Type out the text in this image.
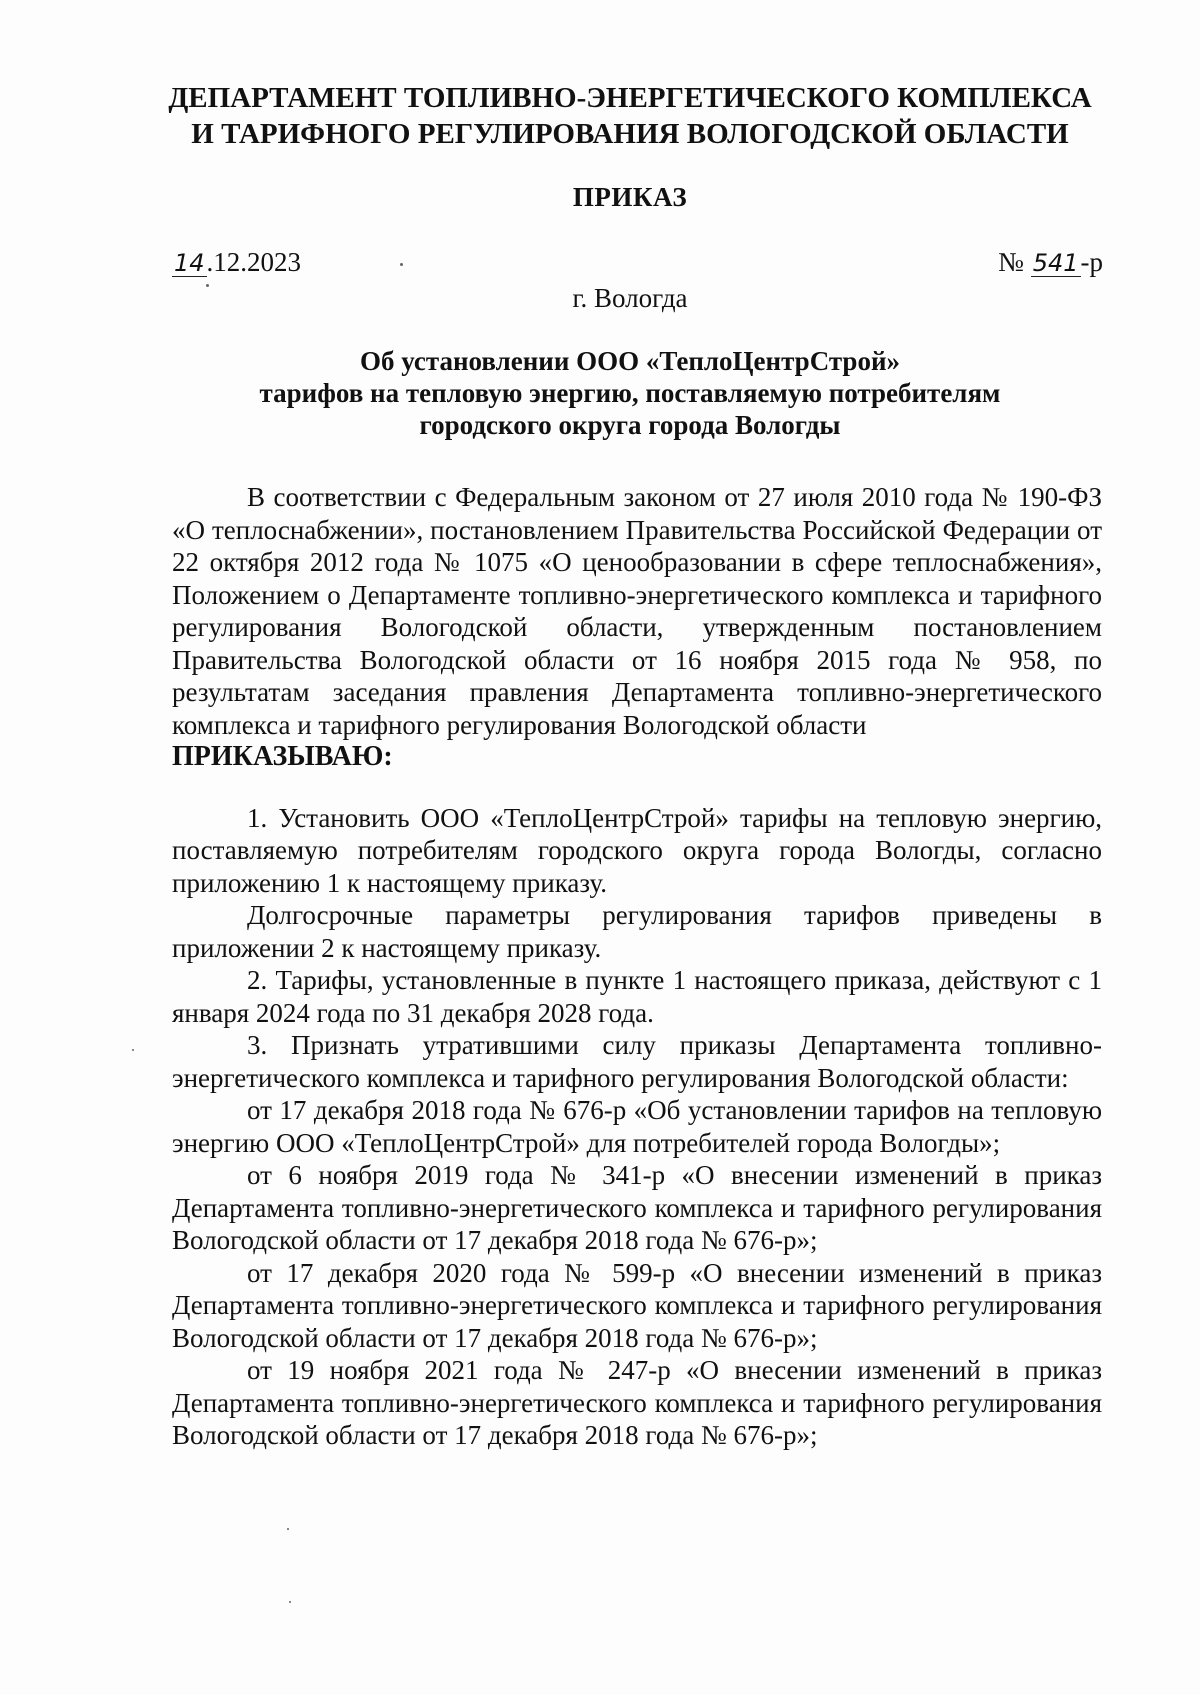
ДЕПАРТАМЕНТ ТОПЛИВНО-ЭНЕРГЕТИЧЕСКОГО КОМПЛЕКСА
И ТАРИФНОГО РЕГУЛИРОВАНИЯ ВОЛОГОДСКОЙ ОБЛАСТИ
ПРИКАЗ
14.12.2023	№ 541-р
г. Вологда
Об установлении ООО «ТеплоЦентрСтрой»
тарифов на тепловую энергию, поставляемую потребителям
городского округа города Вологды

В соответствии с Федеральным законом от 27 июля 2010 года № 190-ФЗ «О теплоснабжении», постановлением Правительства Российской Федерации от 22 октября 2012 года № 1075 «О ценообразовании в сфере теплоснабжения», Положением о Департаменте топливно-энергетического комплекса и тарифного регулирования Вологодской области, утвержденным постановлением Правительства Вологодской области от 16 ноября 2015 года № 958, по результатам заседания правления Департамента топливно-энергетического комплекса и тарифного регулирования Вологодской области

ПРИКАЗЫВАЮ:

1. Установить ООО «ТеплоЦентрСтрой» тарифы на тепловую энергию, поставляемую потребителям городского округа города Вологды, согласно приложению 1 к настоящему приказу.

Долгосрочные параметры регулирования тарифов приведены в приложении 2 к настоящему приказу.

2. Тарифы, установленные в пункте 1 настоящего приказа, действуют с 1 января 2024 года по 31 декабря 2028 года.

3. Признать утратившими силу приказы Департамента топливно-энергетического комплекса и тарифного регулирования Вологодской области:

от 17 декабря 2018 года № 676-р «Об установлении тарифов на тепловую энергию ООО «ТеплоЦентрСтрой» для потребителей города Вологды»;

от 6 ноября 2019 года № 341-р «О внесении изменений в приказ Департамента топливно-энергетического комплекса и тарифного регулирования Вологодской области от 17 декабря 2018 года № 676-р»;

от 17 декабря 2020 года № 599-р «О внесении изменений в приказ Департамента топливно-энергетического комплекса и тарифного регулирования Вологодской области от 17 декабря 2018 года № 676-р»;

от 19 ноября 2021 года № 247-р «О внесении изменений в приказ Департамента топливно-энергетического комплекса и тарифного регулирования Вологодской области от 17 декабря 2018 года № 676-р»;
